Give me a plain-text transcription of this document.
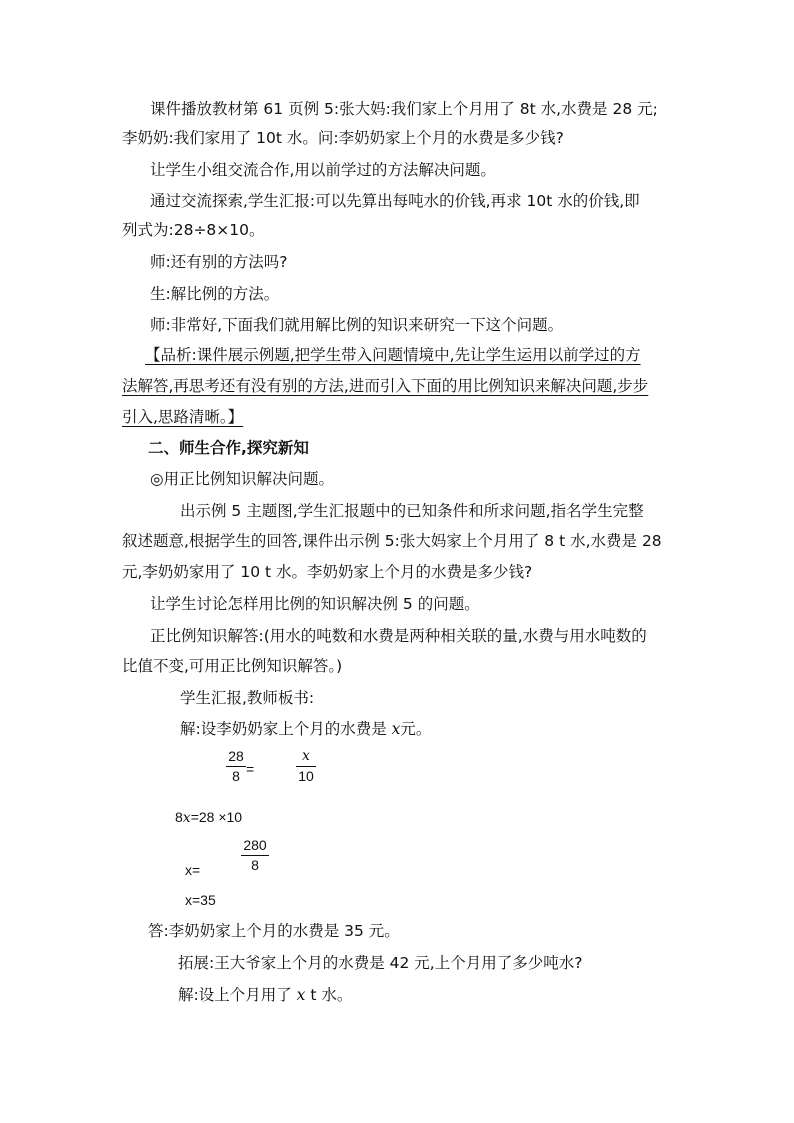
课件播放教材第 61 页例 5:张大妈:我们家上个月用了 8t 水,水费是 28 元;
李奶奶:我们家用了 10t 水。问:李奶奶家上个月的水费是多少钱?
让学生小组交流合作,用以前学过的方法解决问题。
通过交流探索,学生汇报:可以先算出每吨水的价钱,再求 10t 水的价钱,即
列式为:28÷8×10。
师:还有别的方法吗?
生:解比例的方法。
师:非常好,下面我们就用解比例的知识来研究一下这个问题。
【品析:课件展示例题,把学生带入问题情境中,先让学生运用以前学过的方
法解答,再思考还有没有别的方法,进而引入下面的用比例知识来解决问题,步步
引入,思路清晰。】
二、师生合作,探究新知
◎用正比例知识解决问题。
出示例 5 主题图,学生汇报题中的已知条件和所求问题,指名学生完整
叙述题意,根据学生的回答,课件出示例 5:张大妈家上个月用了 8 t 水,水费是 28
元,李奶奶家用了 10 t 水。李奶奶家上个月的水费是多少钱?
让学生讨论怎样用比例的知识解决例 5 的问题。
正比例知识解答:(用水的吨数和水费是两种相关联的量,水费与用水吨数的
比值不变,可用正比例知识解答。)
学生汇报,教师板书:
解:设李奶奶家上个月的水费是 x元。
28
8 =
x
10
8x=28 ×10
x=
280
8
x=35
答:李奶奶家上个月的水费是 35 元。
拓展:王大爷家上个月的水费是 42 元,上个月用了多少吨水?
解:设上个月用了 x t 水。
